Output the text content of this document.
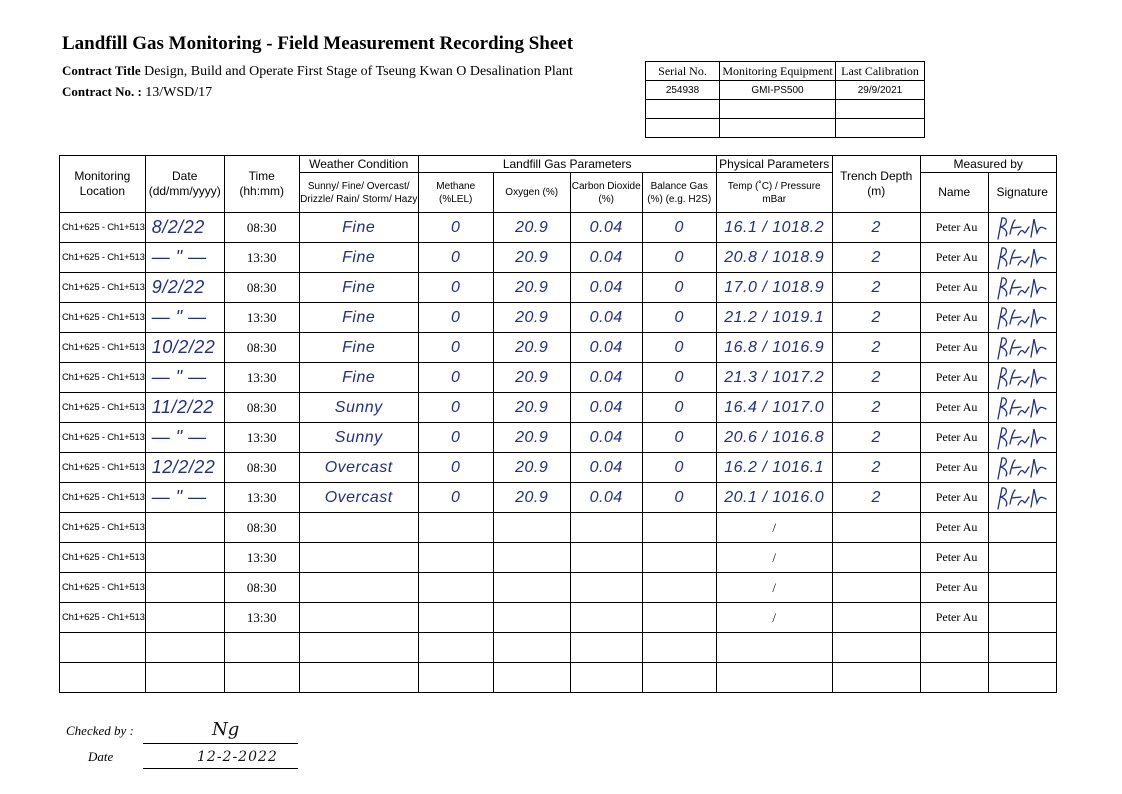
Landfill Gas Monitoring - Field Measurement Recording Sheet
Contract Title Design, Build and Operate First Stage of Tseung Kwan O Desalination Plant
Contract No. : 13/WSD/17
Serial No.	Monitoring Equipment	Last Calibration
254938	GMI-PS500	29/9/2021

Monitoring Location	Date (dd/mm/yyyy)	Time (hh:mm)	Weather Condition	Landfill Gas Parameters				Physical Parameters	Trench Depth (m)	Measured by	
			Sunny/ Fine/ Overcast/ Drizzle/ Rain/ Storm/ Hazy	Methane (%LEL)	Oxygen (%)	Carbon Dioxide (%)	Balance Gas (%) (e.g. H2S)	Temp (˚C) / Pressure mBar		Name	Signature
Ch1+625 - Ch1+513	8/2/22	08:30	Fine	0	20.9	0.04	0	16.1 / 1018.2	2	Peter Au	

Ch1+625 - Ch1+513	— " —	13:30	Fine	0	20.9	0.04	0	20.8 / 1018.9	2	Peter Au	

Ch1+625 - Ch1+513	9/2/22	08:30	Fine	0	20.9	0.04	0	17.0 / 1018.9	2	Peter Au	

Ch1+625 - Ch1+513	— " —	13:30	Fine	0	20.9	0.04	0	21.2 / 1019.1	2	Peter Au	

Ch1+625 - Ch1+513	10/2/22	08:30	Fine	0	20.9	0.04	0	16.8 / 1016.9	2	Peter Au	

Ch1+625 - Ch1+513	— " —	13:30	Fine	0	20.9	0.04	0	21.3 / 1017.2	2	Peter Au	

Ch1+625 - Ch1+513	11/2/22	08:30	Sunny	0	20.9	0.04	0	16.4 / 1017.0	2	Peter Au	

Ch1+625 - Ch1+513	— " —	13:30	Sunny	0	20.9	0.04	0	20.6 / 1016.8	2	Peter Au	

Ch1+625 - Ch1+513	12/2/22	08:30	Overcast	0	20.9	0.04	0	16.2 / 1016.1	2	Peter Au	

Ch1+625 - Ch1+513	— " —	13:30	Overcast	0	20.9	0.04	0	20.1 / 1016.0	2	Peter Au	

Ch1+625 - Ch1+513		08:30						/		Peter Au	
Ch1+625 - Ch1+513		13:30						/		Peter Au	
Ch1+625 - Ch1+513		08:30						/		Peter Au	
Ch1+625 - Ch1+513		13:30						/		Peter Au	

Checked by :	Ng
Date	12-2-2022
